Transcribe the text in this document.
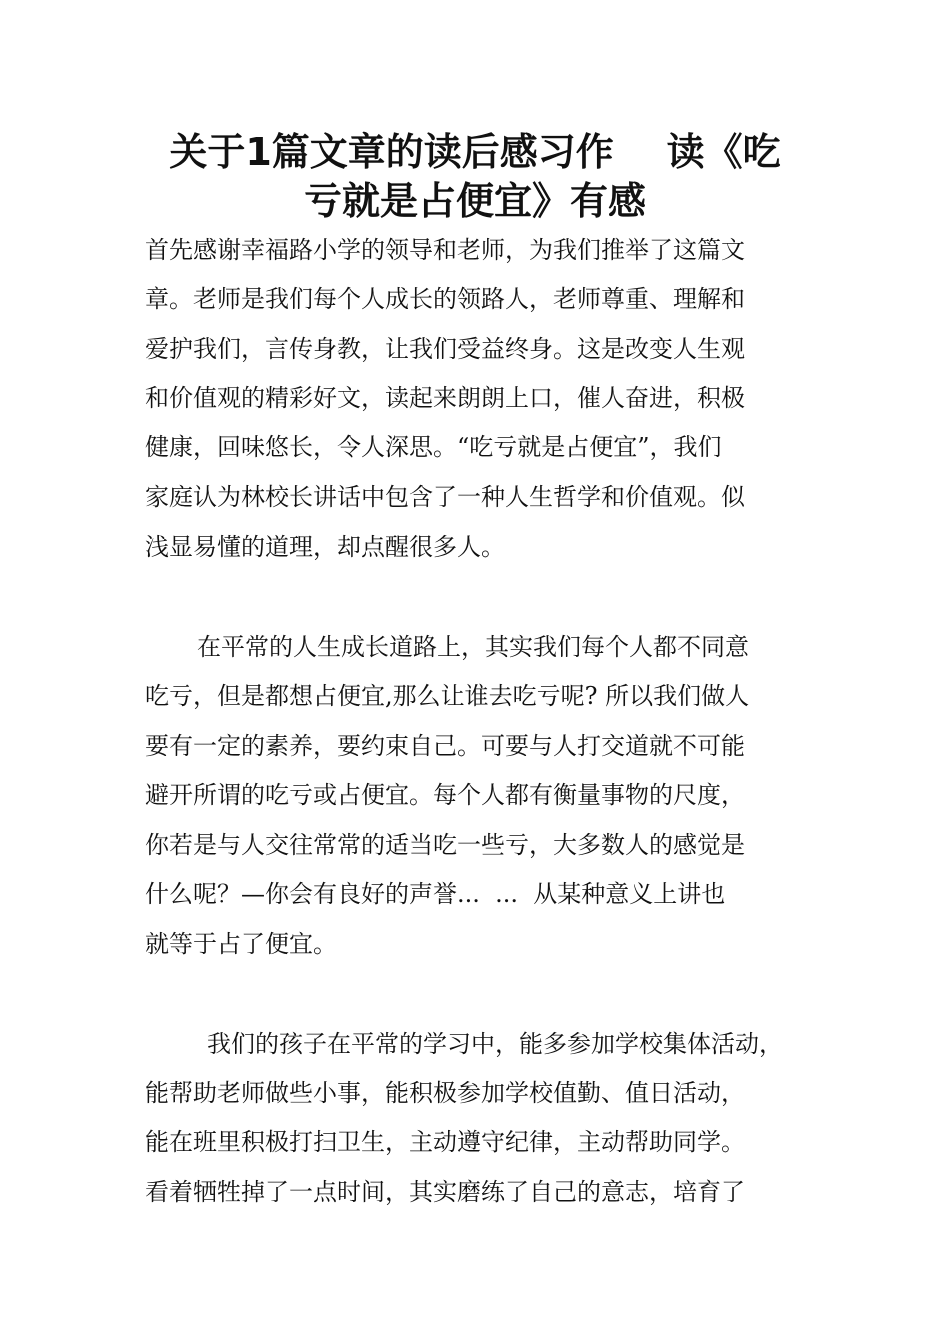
关于1篇文章的读后感习作    读《吃
亏就是占便宜》有感

首先感谢幸福路小学的领导和老师，为我们推举了这篇文

章。老师是我们每个人成长的领路人，老师尊重、理解和

爱护我们，言传身教，让我们受益终身。这是改变人生观

和价值观的精彩好文，读起来朗朗上口，催人奋进，积极

健康，回味悠长，令人深思。“吃亏就是占便宜”，我们

家庭认为林校长讲话中包含了一种人生哲学和价值观。似

浅显易懂的道理，却点醒很多人。

在平常的人生成长道路上，其实我们每个人都不同意

吃亏，但是都想占便宜,那么让谁去吃亏呢? 所以我们做人

要有一定的素养，要约束自己。可要与人打交道就不可能

避开所谓的吃亏或占便宜。每个人都有衡量事物的尺度，

你若是与人交往常常的适当吃一些亏，大多数人的感觉是

什么呢？—你会有良好的声誉...  ...  从某种意义上讲也

就等于占了便宜。

我们的孩子在平常的学习中，能多参加学校集体活动，

能帮助老师做些小事，能积极参加学校值勤、值日活动，

能在班里积极打扫卫生，主动遵守纪律，主动帮助同学。

看着牺牲掉了一点时间，其实磨练了自己的意志，培育了
